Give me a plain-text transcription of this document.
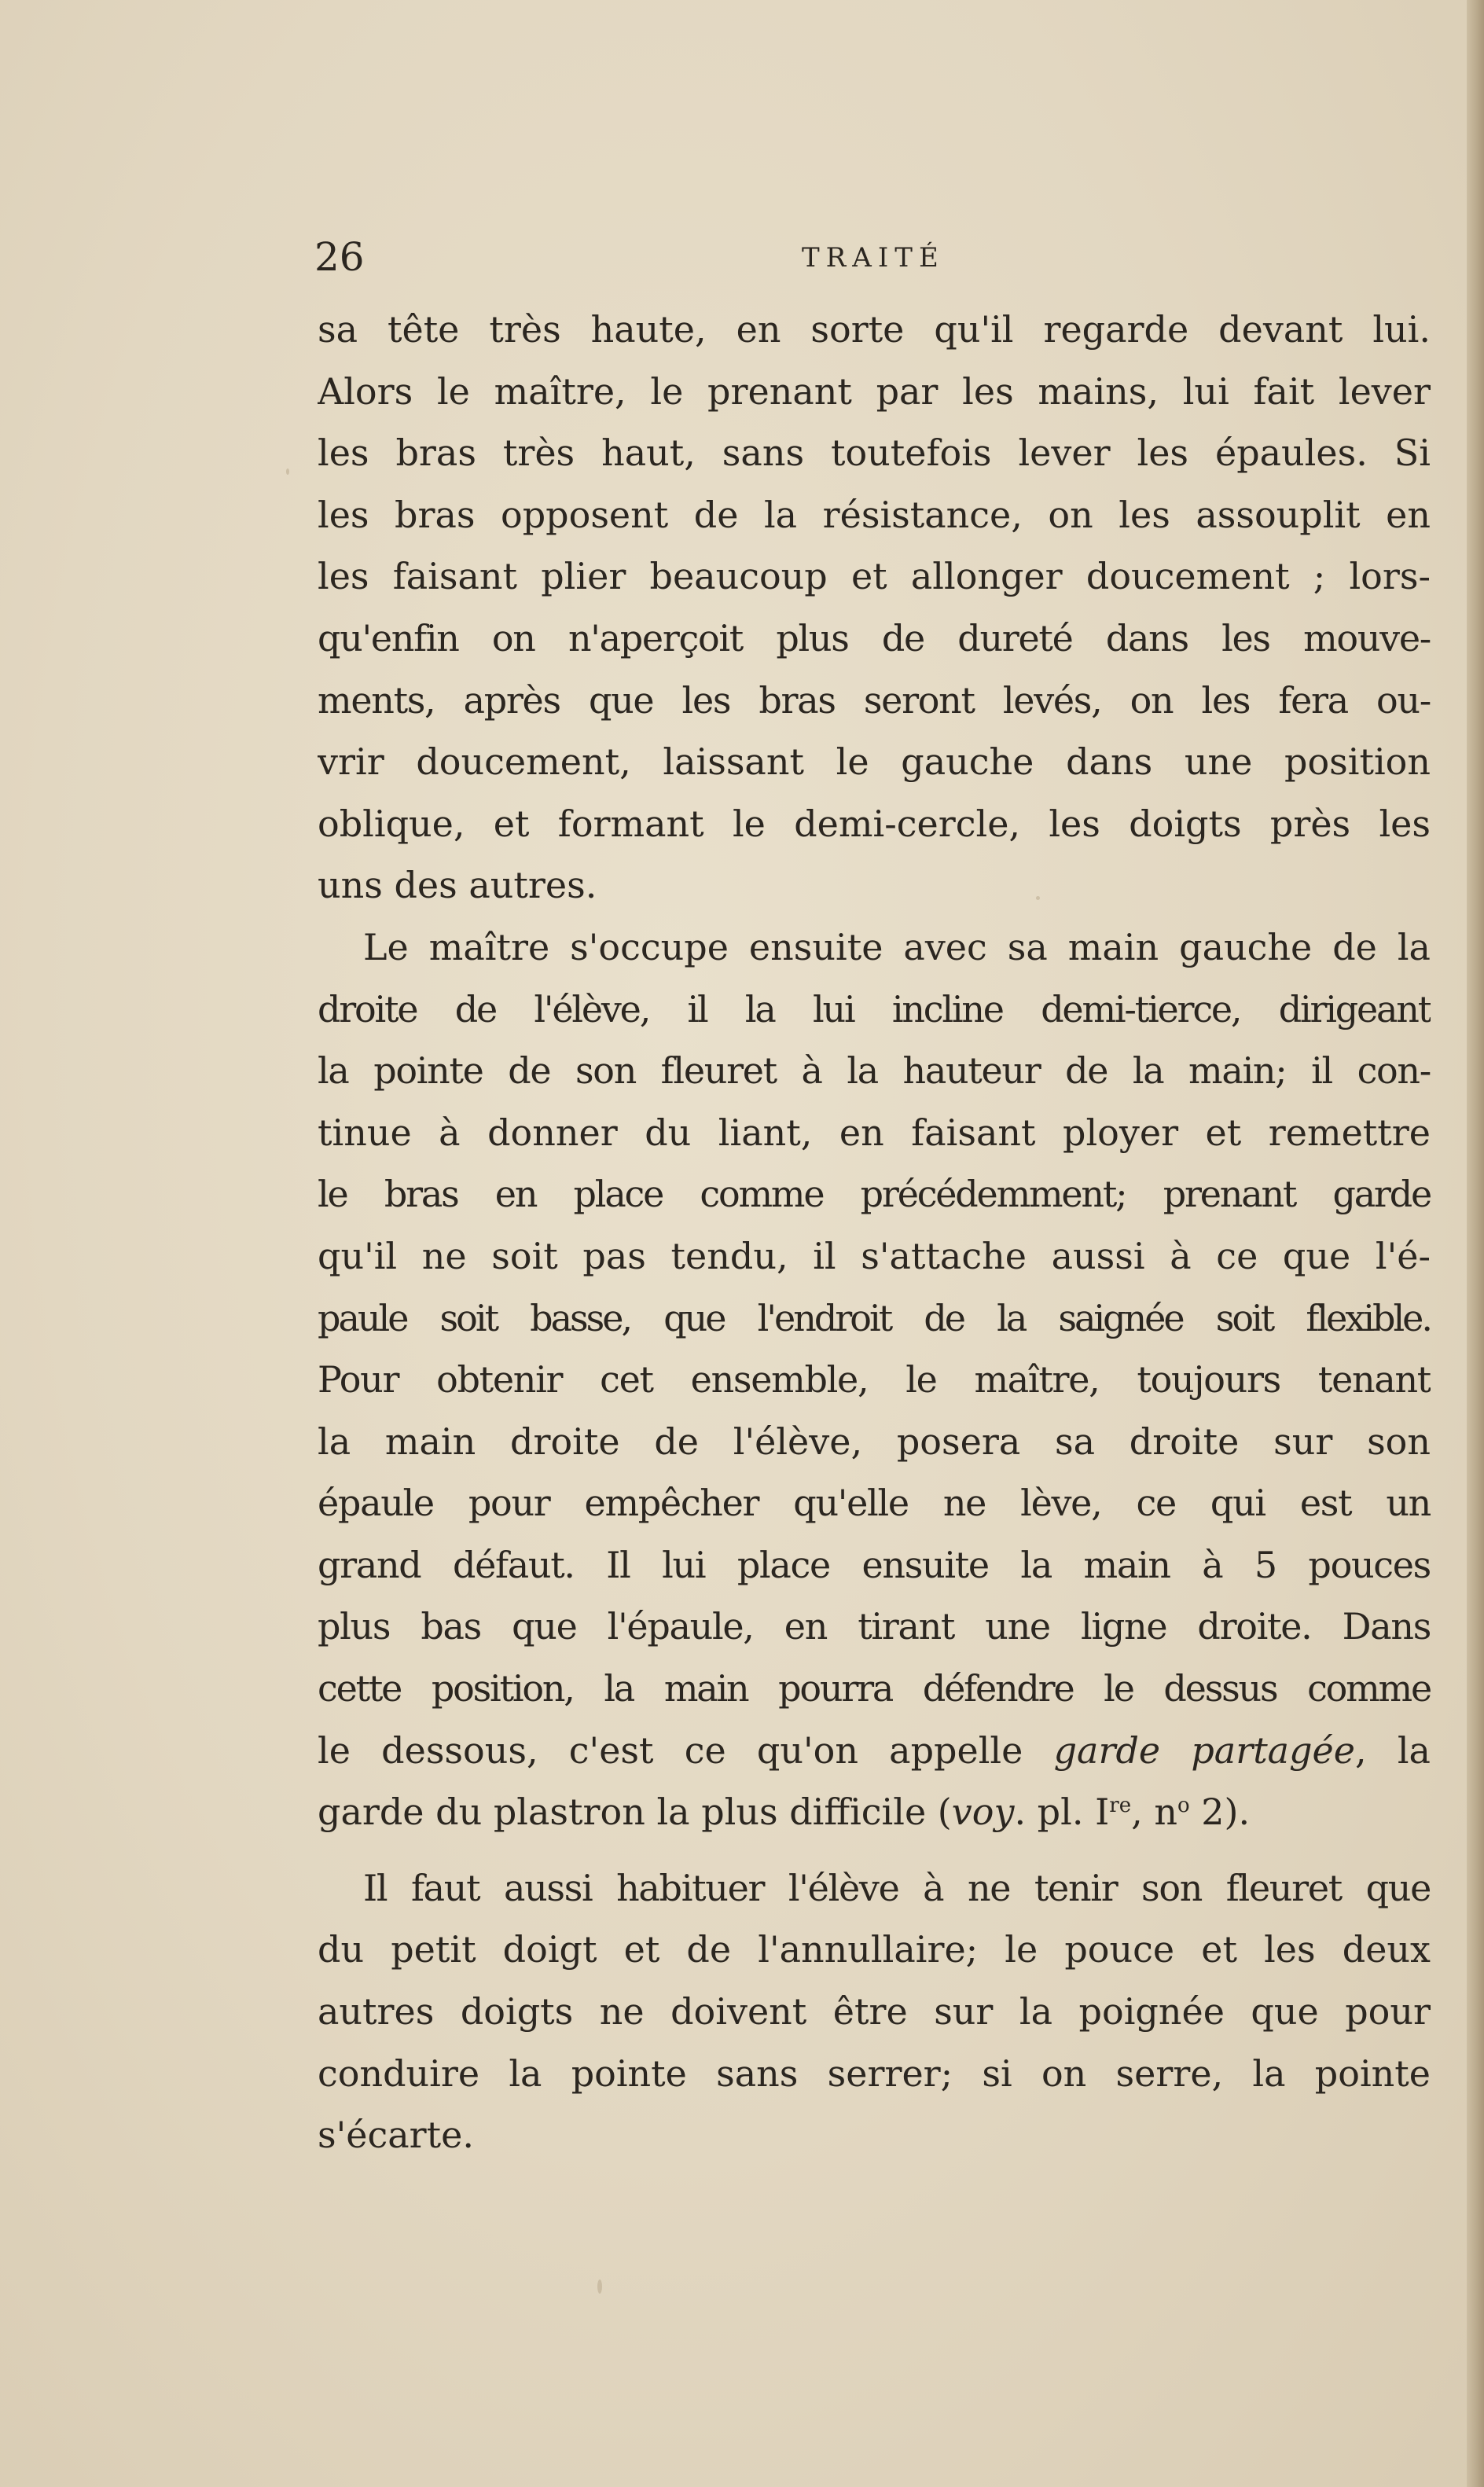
26	TRAITÉ

sa tête très haute, en sorte qu'il regarde devant lui.
Alors le maître, le prenant par les mains, lui fait lever
les bras très haut, sans toutefois lever les épaules. Si
les bras opposent de la résistance, on les assouplit en
les faisant plier beaucoup et allonger doucement ; lors-
qu'enfin on n'aperçoit plus de dureté dans les mouve-
ments, après que les bras seront levés, on les fera ou-
vrir doucement, laissant le gauche dans une position
oblique, et formant le demi-cercle, les doigts près les
uns des autres.

Le maître s'occupe ensuite avec sa main gauche de la
droite de l'élève, il la lui incline demi-tierce, dirigeant
la pointe de son fleuret à la hauteur de la main; il con-
tinue à donner du liant, en faisant ployer et remettre
le bras en place comme précédemment; prenant garde
qu'il ne soit pas tendu, il s'attache aussi à ce que l'é-
paule soit basse, que l'endroit de la saignée soit flexible.
Pour obtenir cet ensemble, le maître, toujours tenant
la main droite de l'élève, posera sa droite sur son
épaule pour empêcher qu'elle ne lève, ce qui est un
grand défaut. Il lui place ensuite la main à 5 pouces
plus bas que l'épaule, en tirant une ligne droite. Dans
cette position, la main pourra défendre le dessus comme
le dessous, c'est ce qu'on appelle garde partagée, la
garde du plastron la plus difficile (voy. pl. Ire, $n^o$ 2).

Il faut aussi habituer l'élève à ne tenir son fleuret que
du petit doigt et de l'annullaire; le pouce et les deux
autres doigts ne doivent être sur la poignée que pour
conduire la pointe sans serrer; si on serre, la pointe
s'écarte.
